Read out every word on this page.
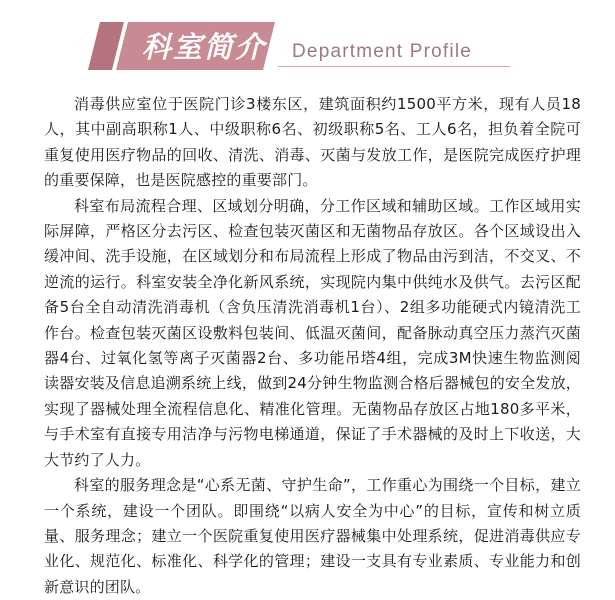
科室简介 Department Profile

消毒供应室位于医院门诊3楼东区，建筑面积约1500平方米，现有人员18人，其中副高职称1人、中级职称6名、初级职称5名、工人6名，担负着全院可重复使用医疗物品的回收、清洗、消毒、灭菌与发放工作，是医院完成医疗护理的重要保障，也是医院感控的重要部门。

科室布局流程合理、区域划分明确，分工作区域和辅助区域。工作区域用实际屏障，严格区分去污区、检查包装灭菌区和无菌物品存放区。各个区域设出入缓冲间、洗手设施，在区域划分和布局流程上形成了物品由污到洁，不交叉、不逆流的运行。科室安装全净化新风系统，实现院内集中供纯水及供气。去污区配备5台全自动清洗消毒机（含负压清洗消毒机1台）、2组多功能硬式内镜清洗工作台。检查包装灭菌区设敷料包装间、低温灭菌间，配备脉动真空压力蒸汽灭菌器4台、过氧化氢等离子灭菌器2台、多功能吊塔4组，完成3M快速生物监测阅读器安装及信息追溯系统上线，做到24分钟生物监测合格后器械包的安全发放，实现了器械处理全流程信息化、精准化管理。无菌物品存放区占地180多平米，与手术室有直接专用洁净与污物电梯通道，保证了手术器械的及时上下收送，大大节约了人力。

科室的服务理念是“心系无菌、守护生命”，工作重心为围绕一个目标，建立一个系统，建设一个团队。即围绕“以病人安全为中心”的目标，宣传和树立质量、服务理念；建立一个医院重复使用医疗器械集中处理系统，促进消毒供应专业化、规范化、标准化、科学化的管理；建设一支具有专业素质、专业能力和创新意识的团队。
